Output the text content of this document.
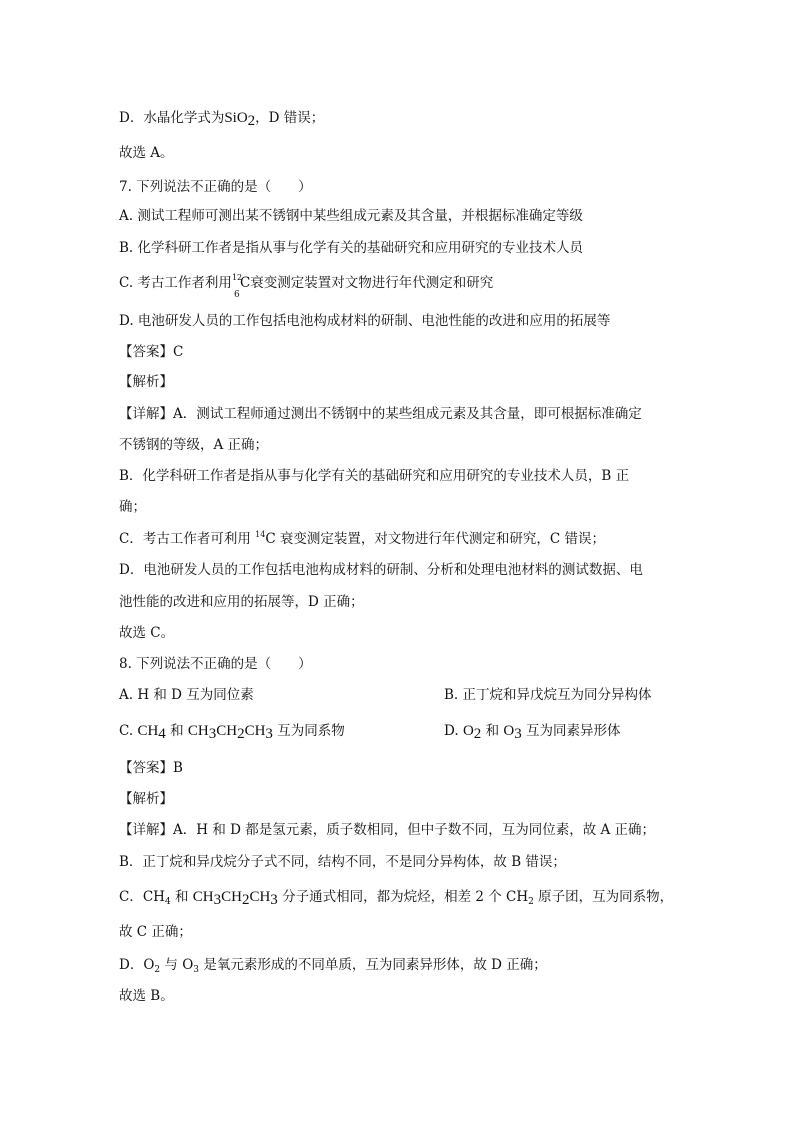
D．水晶化学式为SiO$_2$，D 错误；
故选 A。
7. 下列说法不正确的是（　　）
A. 测试工程师可测出某不锈钢中某些组成元素及其含量，并根据标准确定等级
B. 化学科研工作者是指从事与化学有关的基础研究和应用研究的专业技术人员
C. 考古工作者利用 12
6
C衰变测定装置对文物进行年代测定和研究
D. 电池研发人员的工作包括电池构成材料的研制、电池性能的改进和应用的拓展等
【答案】C
【解析】
【详解】A．测试工程师通过测出不锈钢中的某些组成元素及其含量，即可根据标准确定
不锈钢的等级，A 正确；
B．化学科研工作者是指从事与化学有关的基础研究和应用研究的专业技术人员，B 正
确；
C．考古工作者可利用 $^{14}$C 衰变测定装置，对文物进行年代测定和研究，C 错误；
D．电池研发人员的工作包括电池构成材料的研制、分析和处理电池材料的测试数据、电
池性能的改进和应用的拓展等，D 正确；
故选 C。
8. 下列说法不正确的是（　　）
A. H 和 D 互为同位素	B. 正丁烷和异戊烷互为同分异构体
C. $CH_4$ 和 $CH_3CH_2CH_3$ 互为同系物	D. $O_2$ 和 $O_3$ 互为同素异形体
【答案】B
【解析】
【详解】A．H 和 D 都是氢元素，质子数相同，但中子数不同，互为同位素，故 A 正确；
B．正丁烷和异戊烷分子式不同，结构不同，不是同分异构体，故 B 错误；
C．$CH_4$ 和 $CH_3CH_2CH_3$ 分子通式相同，都为烷烃，相差 2 个 $CH_2$ 原子团，互为同系物，
故 C 正确；
D．$O_2$ 与 $O_3$ 是氧元素形成的不同单质，互为同素异形体，故 D 正确；
故选 B。
